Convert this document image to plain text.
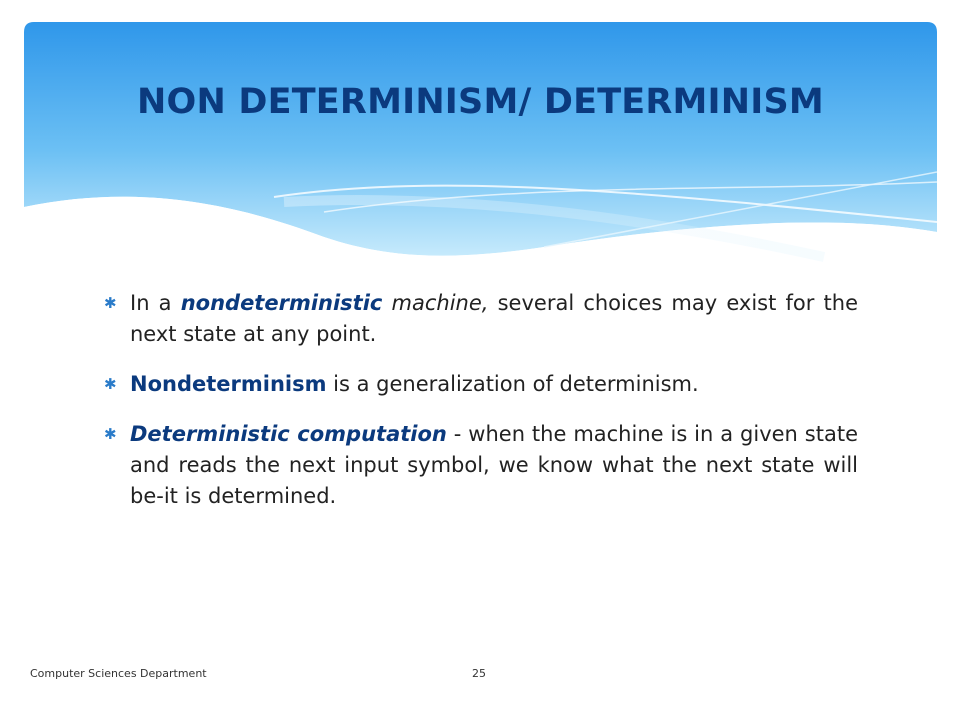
NON DETERMINISM/ DETERMINISM
✱ In a nondeterministic machine, several choices may exist for the next state at any point.
✱ Nondeterminism is a generalization of determinism.
✱ Deterministic computation - when the machine is in a given state and reads the next input symbol, we know what the next state will be-it is determined.
Computer Sciences Department	25
